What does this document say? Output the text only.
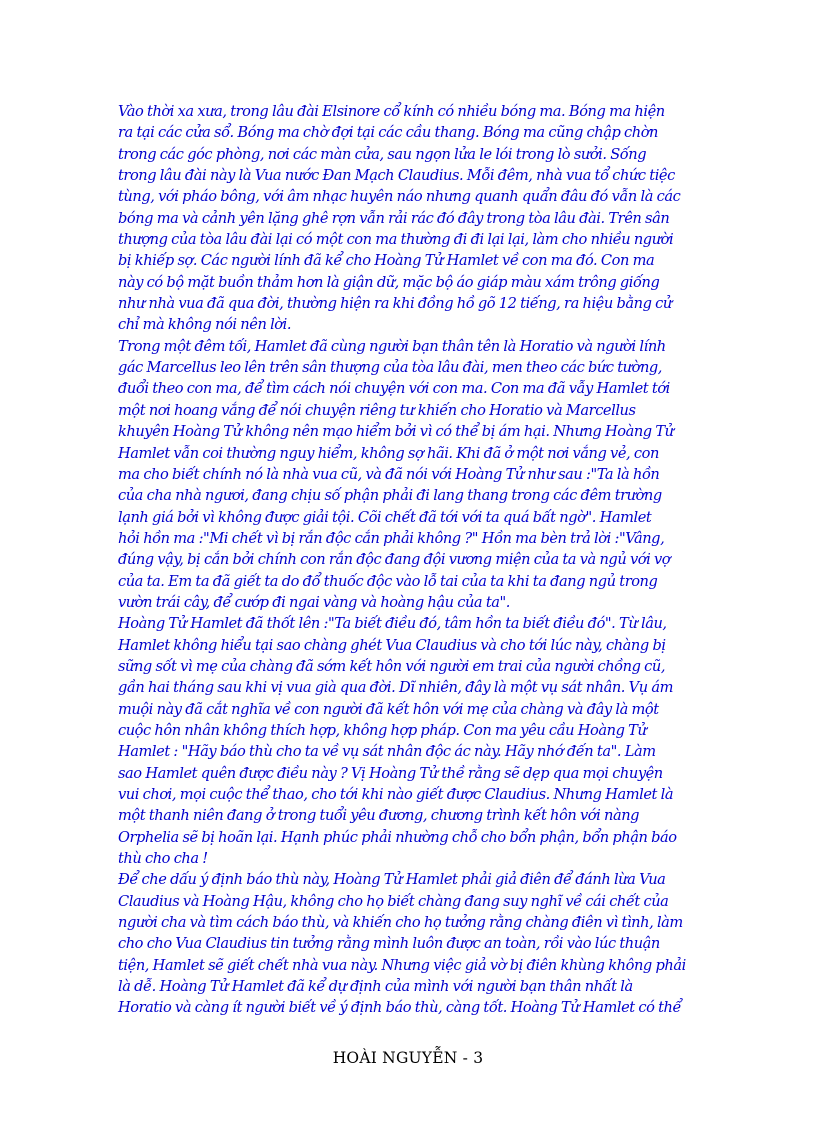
Vào thời xa xưa, trong lâu đài Elsinore cổ kính có nhiều bóng ma. Bóng ma hiện
ra tại các cửa sổ. Bóng ma chờ đợi tại các cầu thang. Bóng ma cũng chập chờn
trong các góc phòng, nơi các màn cửa, sau ngọn lửa le lói trong lò sưởi. Sống
trong lâu đài này là Vua nước Đan Mạch Claudius. Mỗi đêm, nhà vua tổ chức tiệc
tùng, với pháo bông, với âm nhạc huyên náo nhưng quanh quẩn đâu đó vẫn là các
bóng ma và cảnh yên lặng ghê rợn vẫn rải rác đó đây trong tòa lâu đài. Trên sân
thượng của tòa lâu đài lại có một con ma thường đi đi lại lại, làm cho nhiều người
bị khiếp sợ. Các người lính đã kể cho Hoàng Tử Hamlet về con ma đó. Con ma
này có bộ mặt buồn thảm hơn là giận dữ, mặc bộ áo giáp màu xám trông giống
như nhà vua đã qua đời, thường hiện ra khi đồng hồ gõ 12 tiếng, ra hiệu bằng cử
chỉ mà không nói nên lời.
Trong một đêm tối, Hamlet đã cùng người bạn thân tên là Horatio và người lính
gác Marcellus leo lên trên sân thượng của tòa lâu đài, men theo các bức tường,
đuổi theo con ma, để tìm cách nói chuyện với con ma. Con ma đã vẫy Hamlet tới
một nơi hoang vắng để nói chuyện riêng tư khiến cho Horatio và Marcellus
khuyên Hoàng Tử không nên mạo hiểm bởi vì có thể bị ám hại. Nhưng Hoàng Tử
Hamlet vẫn coi thường nguy hiểm, không sợ hãi. Khi đã ở một nơi vắng vẻ, con
ma cho biết chính nó là nhà vua cũ, và đã nói với Hoàng Tử như sau :"Ta là hồn
của cha nhà ngươi, đang chịu số phận phải đi lang thang trong các đêm trường
lạnh giá bởi vì không được giải tội. Cõi chết đã tới với ta quá bất ngờ". Hamlet
hỏi hồn ma :"Mi chết vì bị rắn độc cắn phải không ?" Hồn ma bèn trả lời :"Vâng,
đúng vậy, bị cắn bởi chính con rắn độc đang đội vương miện của ta và ngủ với vợ
của ta. Em ta đã giết ta do đổ thuốc độc vào lỗ tai của ta khi ta đang ngủ trong
vườn trái cây, để cướp đi ngai vàng và hoàng hậu của ta".
Hoàng Tử Hamlet đã thốt lên :"Ta biết điều đó, tâm hồn ta biết điều đó". Từ lâu,
Hamlet không hiểu tại sao chàng ghét Vua Claudius và cho tới lúc này, chàng bị
sững sốt vì mẹ của chàng đã sớm kết hôn với người em trai của người chồng cũ,
gần hai tháng sau khi vị vua già qua đời. Dĩ nhiên, đây là một vụ sát nhân. Vụ ám
muội này đã cắt nghĩa về con người đã kết hôn với mẹ của chàng và đây là một
cuộc hôn nhân không thích hợp, không hợp pháp. Con ma yêu cầu Hoàng Tử
Hamlet : "Hãy báo thù cho ta về vụ sát nhân độc ác này. Hãy nhớ đến ta". Làm
sao Hamlet quên được điều này ? Vị Hoàng Tử thề rằng sẽ dẹp qua mọi chuyện
vui chơi, mọi cuộc thể thao, cho tới khi nào giết được Claudius. Nhưng Hamlet là
một thanh niên đang ở trong tuổi yêu đương, chương trình kết hôn với nàng
Orphelia sẽ bị hoãn lại. Hạnh phúc phải nhường chỗ cho bổn phận, bổn phận báo
thù cho cha !
Để che dấu ý định báo thù này, Hoàng Tử Hamlet phải giả điên để đánh lừa Vua
Claudius và Hoàng Hậu, không cho họ biết chàng đang suy nghĩ về cái chết của
người cha và tìm cách báo thù, và khiến cho họ tưởng rằng chàng điên vì tình, làm
cho cho Vua Claudius tin tưởng rằng mình luôn được an toàn, rồi vào lúc thuận
tiện, Hamlet sẽ giết chết nhà vua này. Nhưng việc giả vờ bị điên khùng không phải
là dễ. Hoàng Tử Hamlet đã kể dự định của mình với người bạn thân nhất là
Horatio và càng ít người biết về ý định báo thù, càng tốt. Hoàng Tử Hamlet có thể
HOÀI NGUYỄN - 3
